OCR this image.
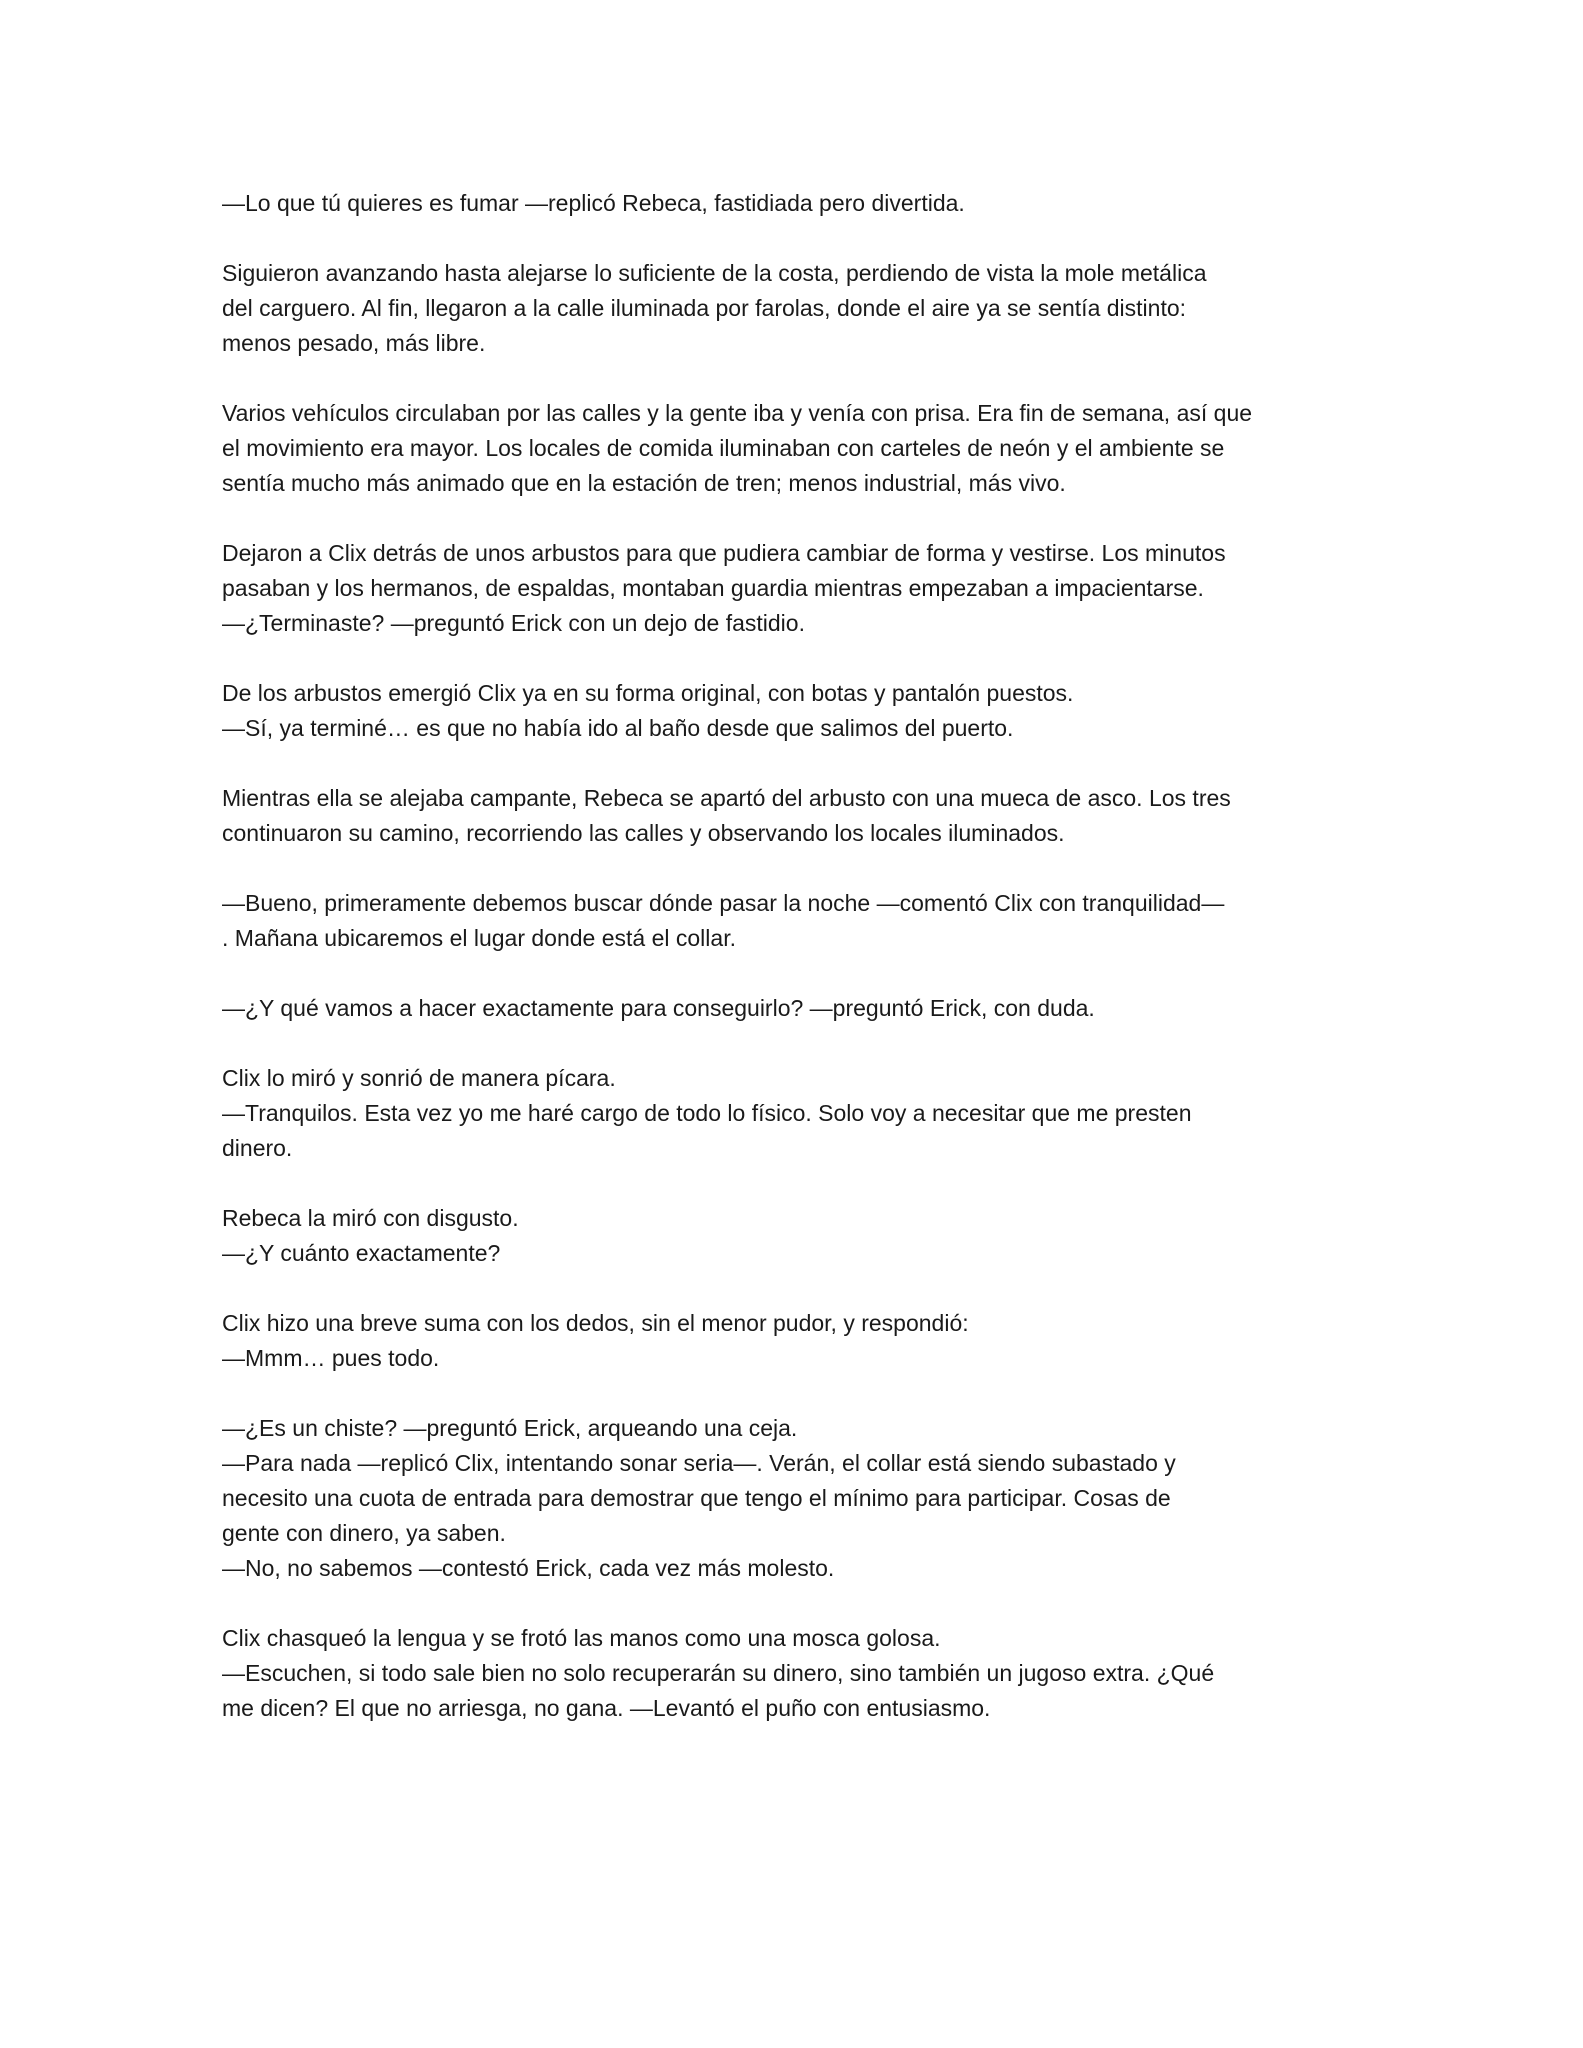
—Lo que tú quieres es fumar —replicó Rebeca, fastidiada pero divertida.
Siguieron avanzando hasta alejarse lo suficiente de la costa, perdiendo de vista la mole metálica
del carguero. Al fin, llegaron a la calle iluminada por farolas, donde el aire ya se sentía distinto:
menos pesado, más libre.
Varios vehículos circulaban por las calles y la gente iba y venía con prisa. Era fin de semana, así que
el movimiento era mayor. Los locales de comida iluminaban con carteles de neón y el ambiente se
sentía mucho más animado que en la estación de tren; menos industrial, más vivo.
Dejaron a Clix detrás de unos arbustos para que pudiera cambiar de forma y vestirse. Los minutos
pasaban y los hermanos, de espaldas, montaban guardia mientras empezaban a impacientarse.
—¿Terminaste? —preguntó Erick con un dejo de fastidio.
De los arbustos emergió Clix ya en su forma original, con botas y pantalón puestos.
—Sí, ya terminé… es que no había ido al baño desde que salimos del puerto.
Mientras ella se alejaba campante, Rebeca se apartó del arbusto con una mueca de asco. Los tres
continuaron su camino, recorriendo las calles y observando los locales iluminados.
—Bueno, primeramente debemos buscar dónde pasar la noche —comentó Clix con tranquilidad—
. Mañana ubicaremos el lugar donde está el collar.
—¿Y qué vamos a hacer exactamente para conseguirlo? —preguntó Erick, con duda.
Clix lo miró y sonrió de manera pícara.
—Tranquilos. Esta vez yo me haré cargo de todo lo físico. Solo voy a necesitar que me presten
dinero.
Rebeca la miró con disgusto.
—¿Y cuánto exactamente?
Clix hizo una breve suma con los dedos, sin el menor pudor, y respondió:
—Mmm… pues todo.
—¿Es un chiste? —preguntó Erick, arqueando una ceja.
—Para nada —replicó Clix, intentando sonar seria—. Verán, el collar está siendo subastado y
necesito una cuota de entrada para demostrar que tengo el mínimo para participar. Cosas de
gente con dinero, ya saben.
—No, no sabemos —contestó Erick, cada vez más molesto.
Clix chasqueó la lengua y se frotó las manos como una mosca golosa.
—Escuchen, si todo sale bien no solo recuperarán su dinero, sino también un jugoso extra. ¿Qué
me dicen? El que no arriesga, no gana. —Levantó el puño con entusiasmo.
